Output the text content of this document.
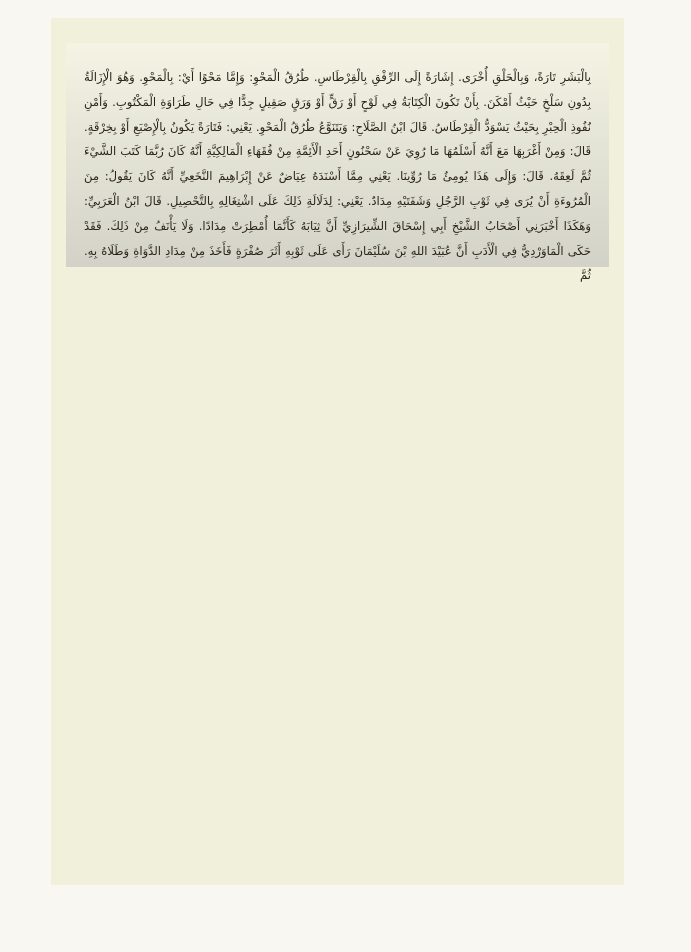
بِالْبَشَرِ تَارَةً، وَبِالْحَلْقِ أُخْرَى. إِشَارَةً إِلَى الرِّفْقِ بِالْقِرْطَاسِ. طُرُقُ الْمَحْوِ: وَإِمَّا مَحْوًا أَيْ: بِالْمَحْوِ. وَهُوَ الْإِزَالَةُ بِدُونِ سَلْخٍ حَيْثُ أَمْكَنَ. بِأَنْ تَكُونَ الْكِتَابَةُ فِي لَوْحٍ أَوْ رَقٍّ أَوْ وَرَقٍ صَقِيلٍ جِدًّا فِي حَالِ طَرَاوَةِ الْمَكْتُوبِ. وَأَمْنِ نُفُوذِ الْحِبْرِ بِحَيْثُ يَسْوَدُّ الْقِرْطَاسُ. قَالَ ابْنُ الصَّلَاحِ: وَيَتَنَوَّعُ طُرُقُ الْمَحْوِ. يَعْنِي: فَتَارَةً يَكُونُ بِالْإِصْبَعِ أَوْ بِخِرْقَةٍ. قَالَ: وَمِنْ أَغْرَبِهَا مَعَ أَنَّهُ أَسْلَمُهَا مَا رُوِيَ عَنْ سَحْنُونٍ أَحَدِ الْأَئِمَّةِ مِنْ فُقَهَاءِ الْمَالِكِيَّةِ أَنَّهُ كَانَ رُبَّمَا كَتَبَ الشَّيْءَ ثُمَّ لَعِقَهُ. قَالَ: وَإِلَى هَذَا يُومِئُ مَا رُوِّينَا. يَعْنِي مِمَّا أَسْنَدَهُ عِيَاضٌ عَنْ إِبْرَاهِيمَ النَّخَعِيِّ أَنَّهُ كَانَ يَقُولُ: مِنَ الْمُرُوءَةِ أَنْ يُرَى فِي ثَوْبِ الرَّجُلِ وَشَفَتَيْهِ مِدَادٌ. يَعْنِي: لِدَلَالَةِ ذَلِكَ عَلَى اشْتِغَالِهِ بِالتَّحْصِيلِ. قَالَ ابْنُ الْعَرَبِيِّ: وَهَكَذَا أَخْبَرَنِي أَصْحَابُ الشَّيْخِ أَبِي إِسْحَاقَ الشِّيرَازِيِّ أَنَّ ثِيَابَهُ كَأَنَّمَا أُمْطِرَتْ مِدَادًا. وَلَا يَأْنَفُ مِنْ ذَلِكَ. فَقَدْ حَكَى الْمَاوَرْدِيُّ فِي الْأَدَبِ أَنَّ عُبَيْدَ اللهِ بْنَ سُلَيْمَانَ رَأَى عَلَى ثَوْبِهِ أَثَرَ صُفْرَةٍ فَأَخَذَ مِنْ مِدَادِ الدَّوَاةِ وَطَلَاهُ بِهِ. ثُمَّ
